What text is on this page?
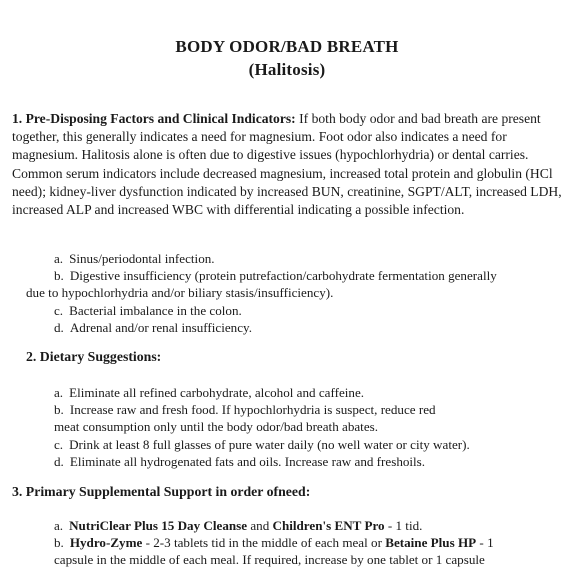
BODY ODOR/BAD BREATH
(Halitosis)
1. Pre-Disposing Factors and Clinical Indicators: If both body odor and bad breath are present together, this generally indicates a need for magnesium. Foot odor also indicates a need for magnesium. Halitosis alone is often due to digestive issues (hypochlorhydria) or dental carries. Common serum indicators include decreased magnesium, increased total protein and globulin (HCl need); kidney-liver dysfunction indicated by increased BUN, creatinine, SGPT/ALT, increased LDH, increased ALP and increased WBC with differential indicating a possible infection.

a. Sinus/periodontal infection.

b. Digestive insufficiency (protein putrefaction/carbohydrate fermentation generally
due to hypochlorhydria and/or biliary stasis/insufficiency).

c. Bacterial imbalance in the colon.

d. Adrenal and/or renal insufficiency.

2. Dietary Suggestions:

a. Eliminate all refined carbohydrate, alcohol and caffeine.

b. Increase raw and fresh food. If hypochlorhydria is suspect, reduce red
meat consumption only until the body odor/bad breath abates.

c. Drink at least 8 full glasses of pure water daily (no well water or city water).

d. Eliminate all hydrogenated fats and oils. Increase raw and freshoils.

3. Primary Supplemental Support in order ofneed:

a. NutriClear Plus 15 Day Cleanse and Children's ENT Pro - 1 tid.

b. Hydro-Zyme - 2-3 tablets tid in the middle of each meal or Betaine Plus HP - 1
capsule in the middle of each meal. If required, increase by one tablet or 1 capsule
